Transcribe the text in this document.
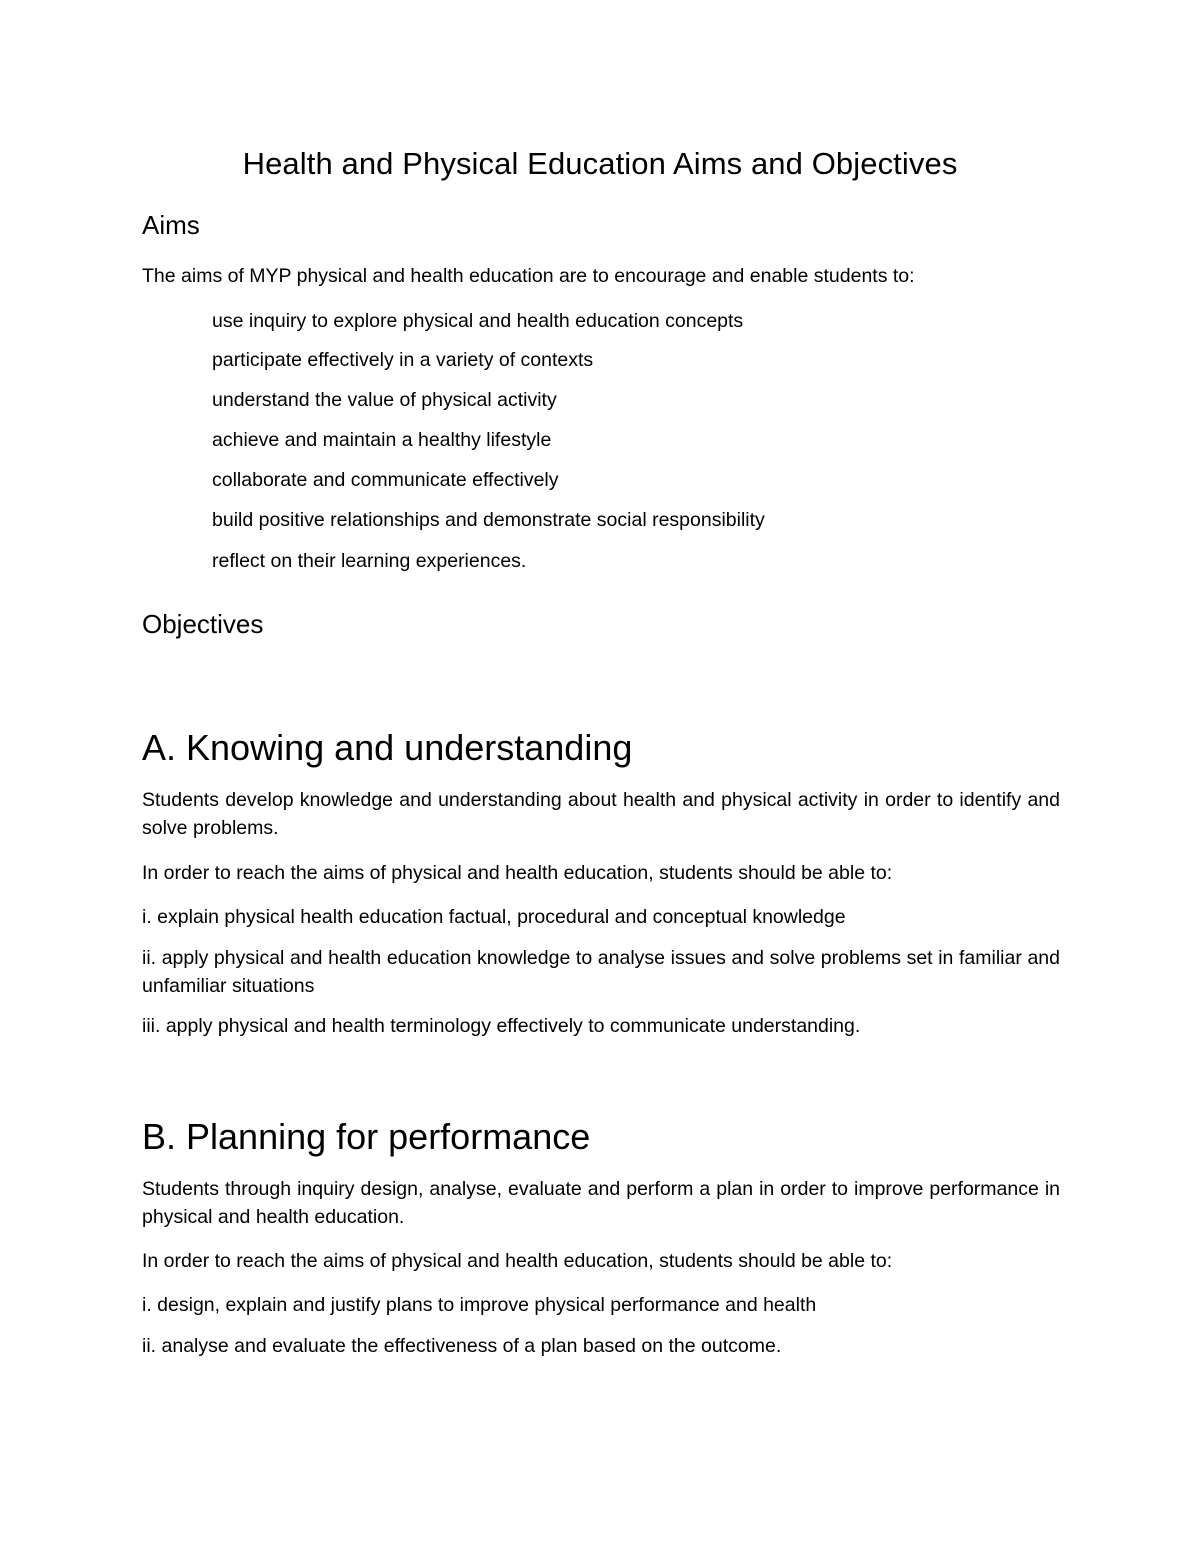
Health and Physical Education Aims and Objectives
Aims

The aims of MYP physical and health education are to encourage and enable students to:

use inquiry to explore physical and health education concepts

participate effectively in a variety of contexts

understand the value of physical activity

achieve and maintain a healthy lifestyle

collaborate and communicate effectively

build positive relationships and demonstrate social responsibility

reflect on their learning experiences.

Objectives
A. Knowing and understanding

Students develop knowledge and understanding about health and physical activity in order to identify and solve problems.

In order to reach the aims of physical and health education, students should be able to:

i. explain physical health education factual, procedural and conceptual knowledge

ii. apply physical and health education knowledge to analyse issues and solve problems set in familiar and unfamiliar situations

iii. apply physical and health terminology effectively to communicate understanding.

B. Planning for performance

Students through inquiry design, analyse, evaluate and perform a plan in order to improve performance in physical and health education.

In order to reach the aims of physical and health education, students should be able to:

i. design, explain and justify plans to improve physical performance and health

ii. analyse and evaluate the effectiveness of a plan based on the outcome.
